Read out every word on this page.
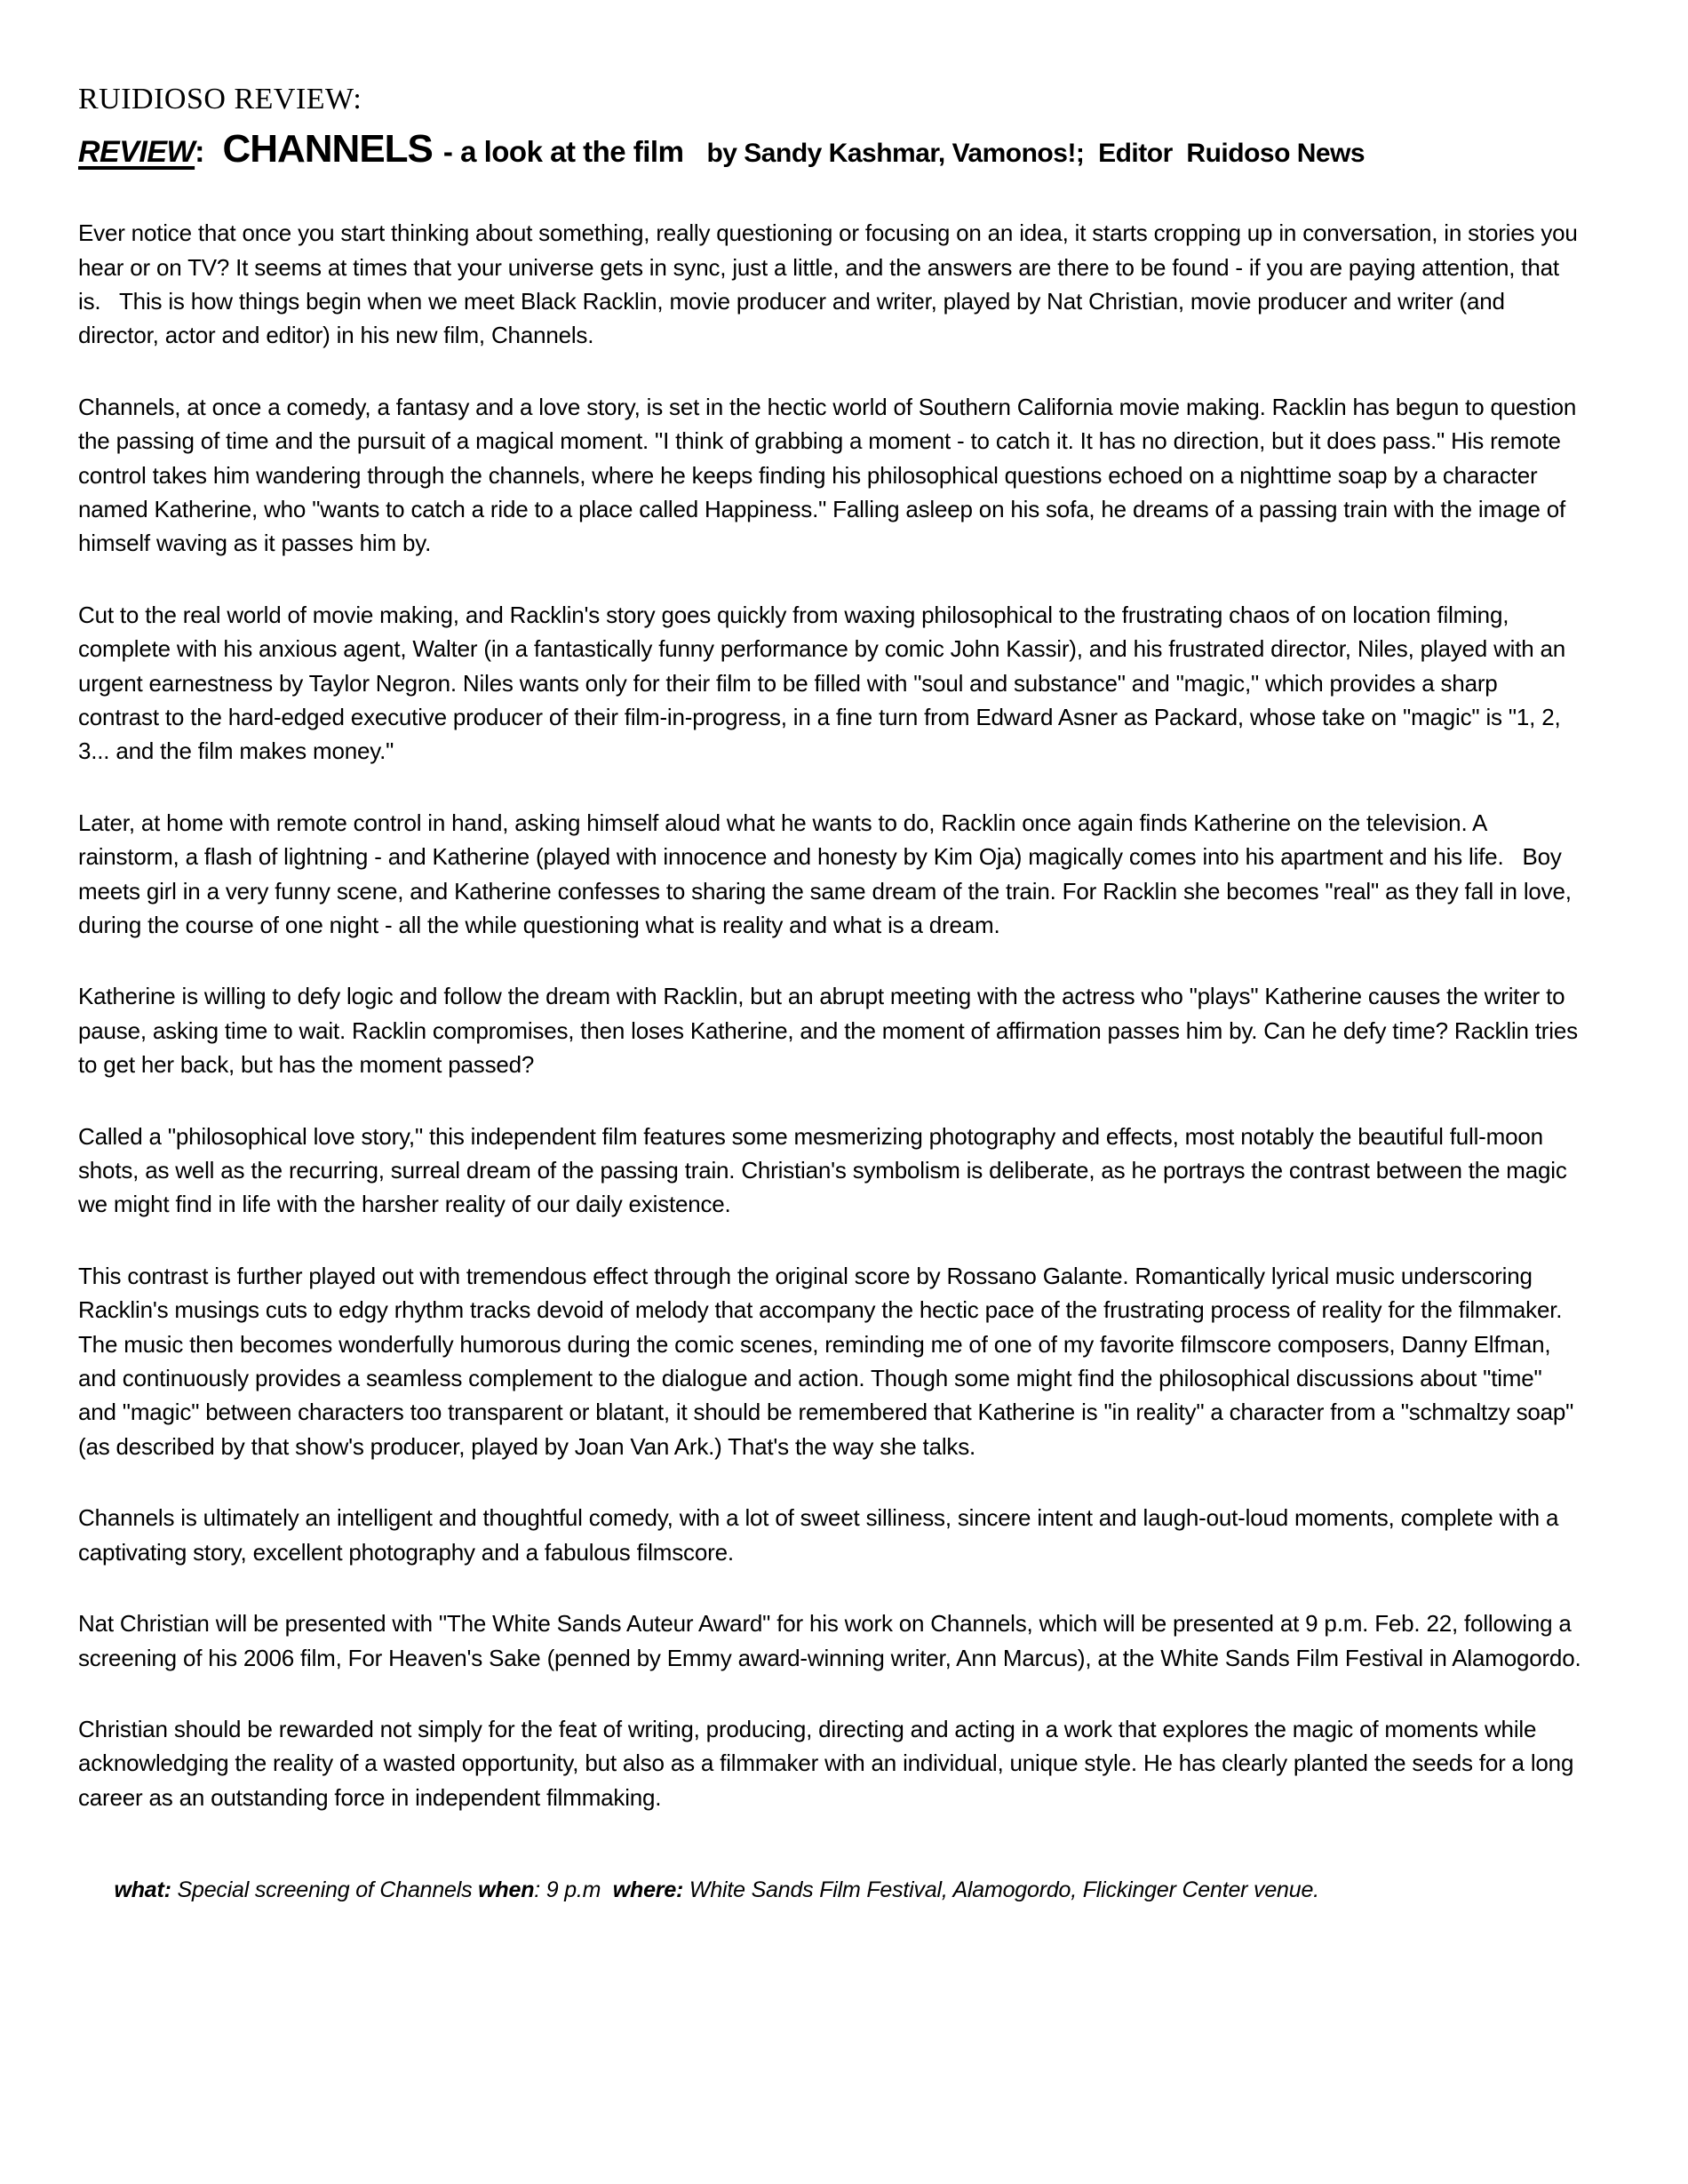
RUIDIOSO REVIEW:
REVIEW : CHANNELS - a look at the film by Sandy Kashmar, Vamonos!;  Editor  Ruidoso News

Ever notice that once you start thinking about something, really questioning or focusing on an idea, it starts cropping up in conversation, in stories you hear or on TV? It seems at times that your universe gets in sync, just a little, and the answers are there to be found - if you are paying attention, that is.   This is how things begin when we meet Black Racklin, movie producer and writer, played by Nat Christian, movie producer and writer (and director, actor and editor) in his new film, Channels.

Channels, at once a comedy, a fantasy and a love story, is set in the hectic world of Southern California movie making. Racklin has begun to question the passing of time and the pursuit of a magical moment. "I think of grabbing a moment - to catch it. It has no direction, but it does pass." His remote control takes him wandering through the channels, where he keeps finding his philosophical questions echoed on a nighttime soap by a character named Katherine, who "wants to catch a ride to a place called Happiness." Falling asleep on his sofa, he dreams of a passing train with the image of himself waving as it passes him by.

Cut to the real world of movie making, and Racklin's story goes quickly from waxing philosophical to the frustrating chaos of on location filming, complete with his anxious agent, Walter (in a fantastically funny performance by comic John Kassir), and his frustrated director, Niles, played with an urgent earnestness by Taylor Negron. Niles wants only for their film to be filled with "soul and substance" and "magic," which provides a sharp contrast to the hard-edged executive producer of their film-in-progress, in a fine turn from Edward Asner as Packard, whose take on "magic" is "1, 2, 3... and the film makes money."

Later, at home with remote control in hand, asking himself aloud what he wants to do, Racklin once again finds Katherine on the television. A rainstorm, a flash of lightning - and Katherine (played with innocence and honesty by Kim Oja) magically comes into his apartment and his life.   Boy meets girl in a very funny scene, and Katherine confesses to sharing the same dream of the train. For Racklin she becomes "real" as they fall in love, during the course of one night - all the while questioning what is reality and what is a dream.

Katherine is willing to defy logic and follow the dream with Racklin, but an abrupt meeting with the actress who "plays" Katherine causes the writer to pause, asking time to wait. Racklin compromises, then loses Katherine, and the moment of affirmation passes him by. Can he defy time? Racklin tries to get her back, but has the moment passed?

Called a "philosophical love story," this independent film features some mesmerizing photography and effects, most notably the beautiful full-moon shots, as well as the recurring, surreal dream of the passing train. Christian's symbolism is deliberate, as he portrays the contrast between the magic we might find in life with the harsher reality of our daily existence.

This contrast is further played out with tremendous effect through the original score by Rossano Galante. Romantically lyrical music underscoring Racklin's musings cuts to edgy rhythm tracks devoid of melody that accompany the hectic pace of the frustrating process of reality for the filmmaker. The music then becomes wonderfully humorous during the comic scenes, reminding me of one of my favorite filmscore composers, Danny Elfman, and continuously provides a seamless complement to the dialogue and action. Though some might find the philosophical discussions about "time" and "magic" between characters too transparent or blatant, it should be remembered that Katherine is "in reality" a character from a "schmaltzy soap" (as described by that show's producer, played by Joan Van Ark.) That's the way she talks.

Channels is ultimately an intelligent and thoughtful comedy, with a lot of sweet silliness, sincere intent and laugh-out-loud moments, complete with a captivating story, excellent photography and a fabulous filmscore.

Nat Christian will be presented with "The White Sands Auteur Award" for his work on Channels, which will be presented at 9 p.m. Feb. 22, following a screening of his 2006 film, For Heaven's Sake (penned by Emmy award-winning writer, Ann Marcus), at the White Sands Film Festival in Alamogordo.

Christian should be rewarded not simply for the feat of writing, producing, directing and acting in a work that explores the magic of moments while acknowledging the reality of a wasted opportunity, but also as a filmmaker with an individual, unique style. He has clearly planted the seeds for a long career as an outstanding force in independent filmmaking.

what: Special screening of Channels when: 9 p.m  where: White Sands Film Festival, Alamogordo, Flickinger Center venue.
